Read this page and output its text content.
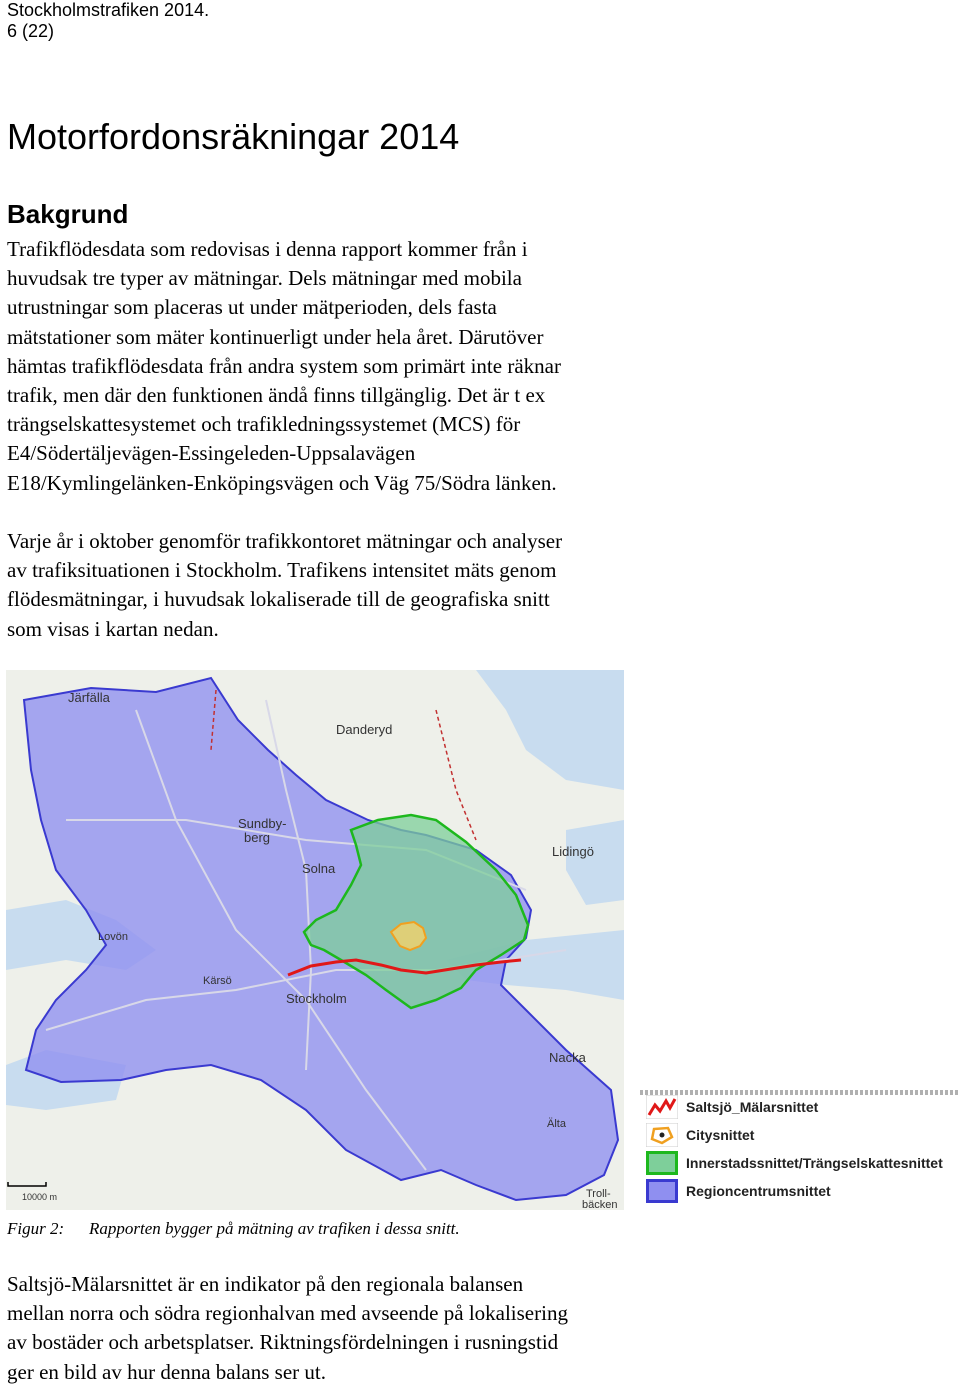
Stockholmstrafiken 2014.
6 (22)
Motorfordonsräkningar 2014
Bakgrund

Trafikflödesdata som redovisas i denna rapport kommer från i
huvudsak tre typer av mätningar. Dels mätningar med mobila
utrustningar som placeras ut under mätperioden, dels fasta
mätstationer som mäter kontinuerligt under hela året. Därutöver
hämtas trafikflödesdata från andra system som primärt inte räknar
trafik, men där den funktionen ändå finns tillgänglig. Det är t ex
trängselskattesystemet och trafikledningssystemet (MCS) för
E4/Södertäljevägen-Essingeleden-Uppsalavägen
E18/Kymlingelänken-Enköpingsvägen och Väg 75/Södra länken.

Varje år i oktober genomför trafikkontoret mätningar och analyser
av trafiksituationen i Stockholm. Trafikens intensitet mäts genom
flödesmätningar, i huvudsak lokaliserade till de geografiska snitt
som visas i kartan nedan.

Järfälla
Danderyd
Sundby-
berg
Solna
Lidingö
Lovön
Kärsö
Stockholm
Nacka
Älta
Troll-
bäcken
10000 m
Saltsjö_Mälarsnittet
Citysnittet
Innerstadssnittet/Trängselskattesnittet
Regioncentrumsnittet

Figur 2: Rapporten bygger på mätning av trafiken i dessa snitt.

Saltsjö-Mälarsnittet är en indikator på den regionala balansen
mellan norra och södra regionhalvan med avseende på lokalisering
av bostäder och arbetsplatser. Riktningsfördelningen i rusningstid
ger en bild av hur denna balans ser ut.
